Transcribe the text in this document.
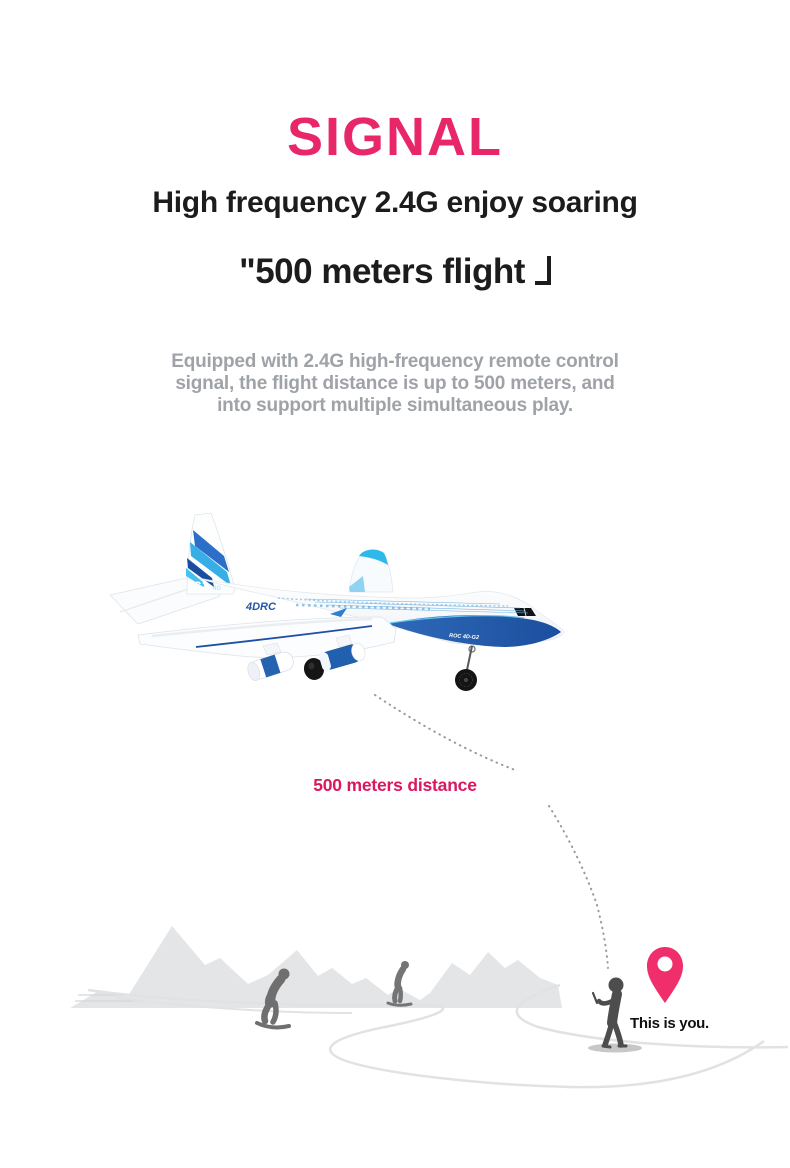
SIGNAL
High frequency 2.4G enjoy soaring
"500 meters flight
Equipped with 2.4G high-frequency remote control
signal, the flight distance is up to 500 meters, and
into support multiple simultaneous play.
G2 4G
ROC 4D-G2
4DRC
500 meters distance
This is you.
